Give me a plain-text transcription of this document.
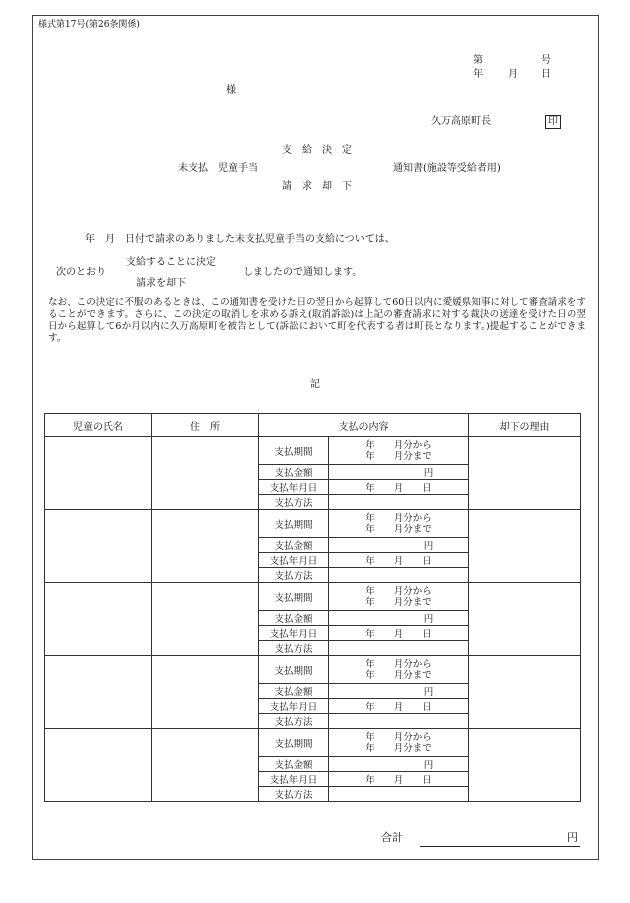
様式第17号(第26条関係)
第	号
年	月 日
様
久万高原町長	印
支　給　決　定
未支払　児童手当	通知書(施設等受給者用)
請　求　却　下
年　月　日付で請求のありました未支払児童手当の支給については、
支給することに決定
次のとおり	しましたので通知します。
請求を却下
なお、この決定に不服のあるときは、この通知書を受けた日の翌日から起算して60日以内に愛媛県知事に対して審査請求をすることができます。さらに、この決定の取消しを求める訴え(取消訴訟)は上記の審査請求に対する裁決の送達を受けた日の翌日から起算して6か月以内に久万高原町を被告として(訴訟において町を代表する者は町長となります。)提起することができます。
記
児童の氏名	住　所	支払の内容		却下の理由
		支払期間	年　　月分から
年　　月分まで	

		支払金額	円	
		支払年月日	年　　月　　日	
		支払方法		
		支払期間	年　　月分から
年　　月分まで	

		支払金額	円	
		支払年月日	年　　月　　日	
		支払方法		
		支払期間	年　　月分から
年　　月分まで	

		支払金額	円	
		支払年月日	年　　月　　日	
		支払方法		
		支払期間	年　　月分から
年　　月分まで	

		支払金額	円	
		支払年月日	年　　月　　日	
		支払方法		
		支払期間	年　　月分から
年　　月分まで	

		支払金額	円	
		支払年月日	年　　月　　日	
		支払方法		
合計	円
